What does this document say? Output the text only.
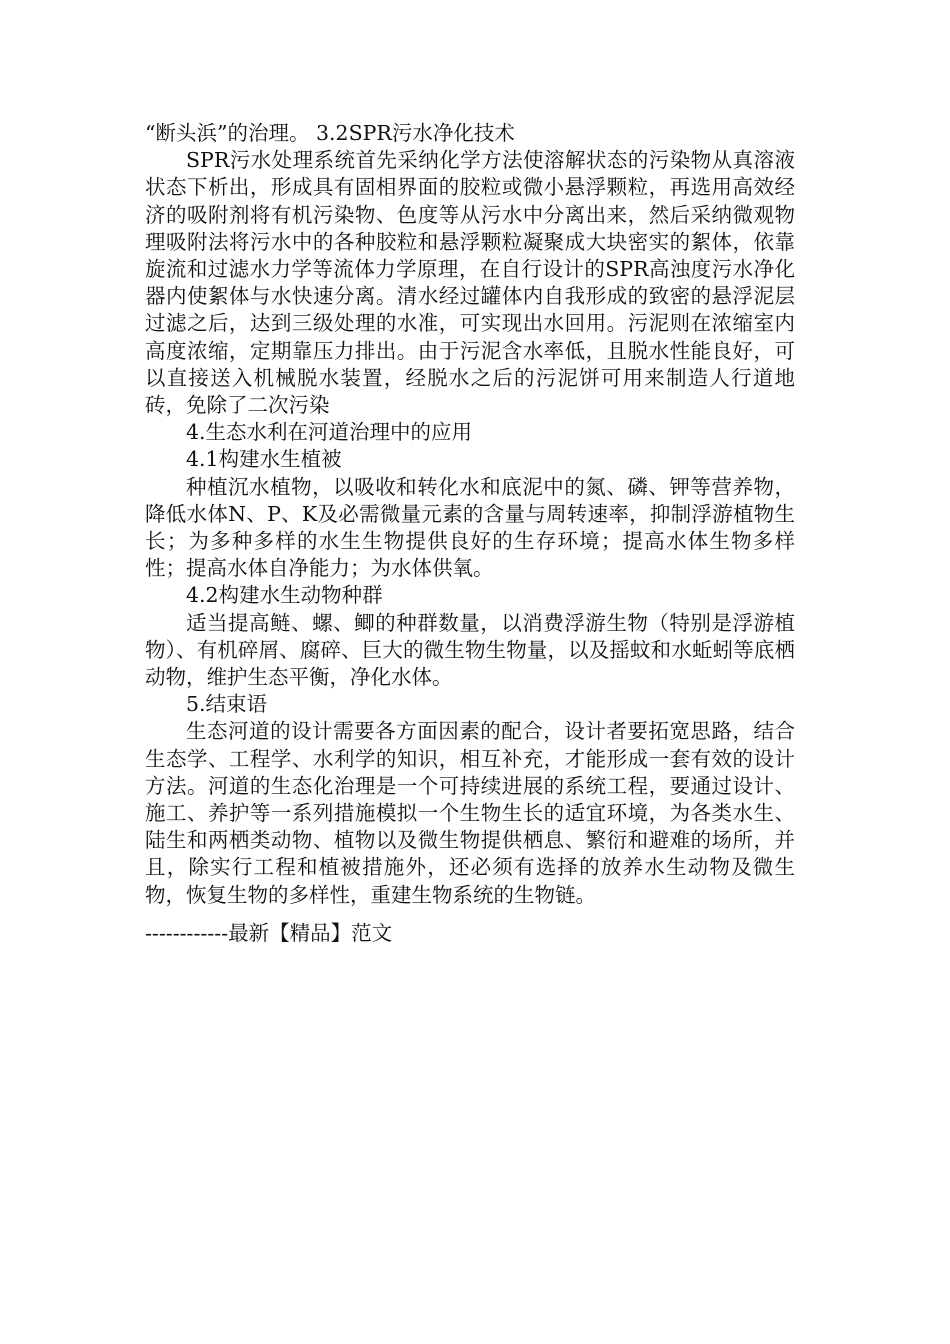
“断头浜”的治理。 3.2SPR污水净化技术

SPR污水处理系统首先采纳化学方法使溶解状态的污染物从真溶液状态下析出，形成具有固相界面的胶粒或微小悬浮颗粒，再选用高效经济的吸附剂将有机污染物、色度等从污水中分离出来，然后采纳微观物理吸附法将污水中的各种胶粒和悬浮颗粒凝聚成大块密实的絮体，依靠旋流和过滤水力学等流体力学原理，在自行设计的SPR高浊度污水净化器内使絮体与水快速分离。清水经过罐体内自我形成的致密的悬浮泥层过滤之后，达到三级处理的水准，可实现出水回用。污泥则在浓缩室内高度浓缩，定期靠压力排出。由于污泥含水率低，且脱水性能良好，可以直接送入机械脱水装置，经脱水之后的污泥饼可用来制造人行道地砖，免除了二次污染

4.生态水利在河道治理中的应用

4.1构建水生植被

种植沉水植物，以吸收和转化水和底泥中的氮、磷、钾等营养物，降低水体N、P、K及必需微量元素的含量与周转速率，抑制浮游植物生长；为多种多样的水生生物提供良好的生存环境；提高水体生物多样性；提高水体自净能力；为水体供氧。

4.2构建水生动物种群

适当提高鲢、螺、鲫的种群数量，以消费浮游生物（特别是浮游植物）、有机碎屑、腐碎、巨大的微生物生物量，以及摇蚊和水蚯蚓等底栖动物，维护生态平衡，净化水体。

5.结束语

生态河道的设计需要各方面因素的配合，设计者要拓宽思路，结合生态学、工程学、水利学的知识，相互补充，才能形成一套有效的设计方法。河道的生态化治理是一个可持续进展的系统工程，要通过设计、施工、养护等一系列措施模拟一个生物生长的适宜环境，为各类水生、陆生和两栖类动物、植物以及微生物提供栖息、繁衍和避难的场所，并且，除实行工程和植被措施外，还必须有选择的放养水生动物及微生物，恢复生物的多样性，重建生物系统的生物链。

------------最新【精品】范文
